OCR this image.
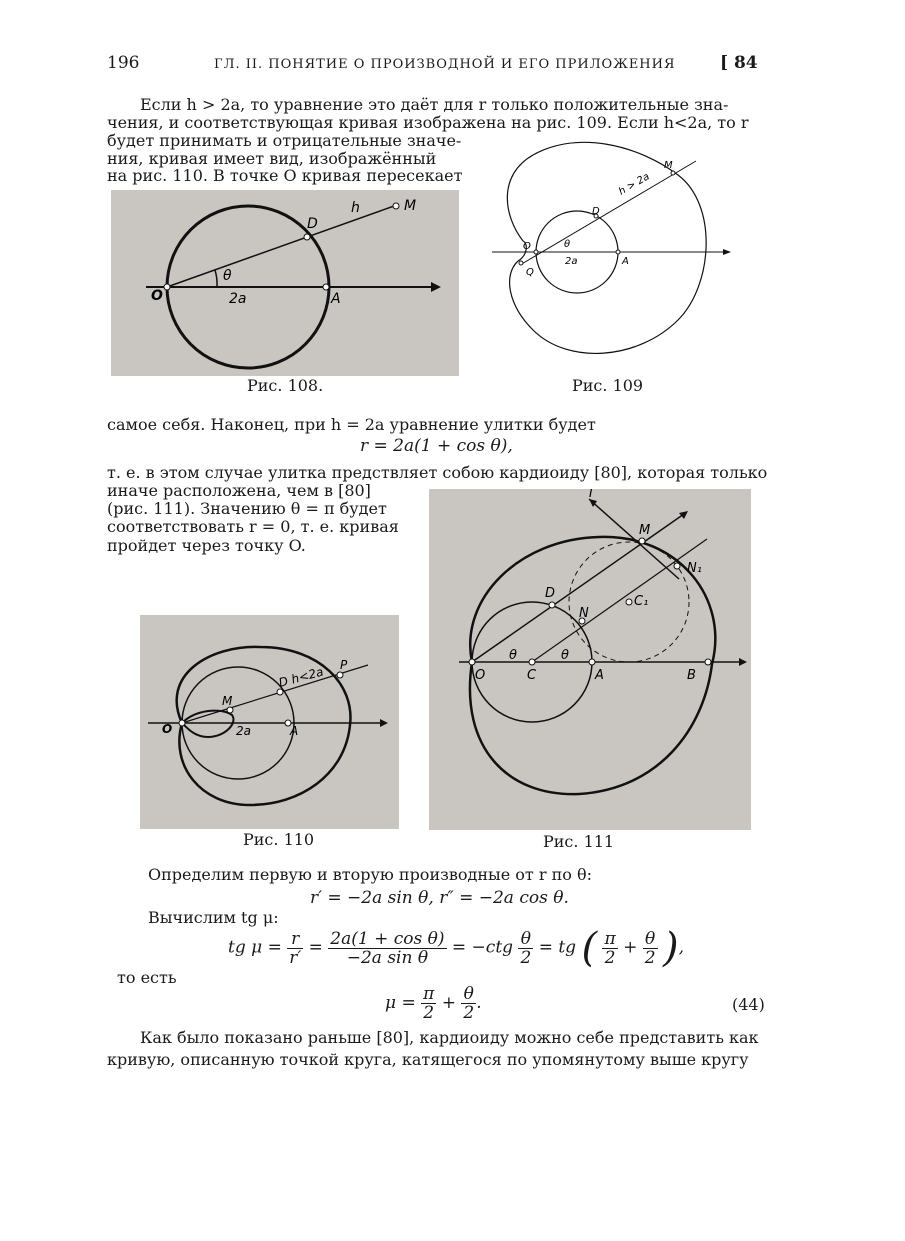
196	ГЛ. II. ПОНЯТИЕ О ПРОИЗВОДНОЙ И ЕГО ПРИЛОЖЕНИЯ	[ 84
Если h > 2a, то уравнение это даёт для r только положительные зна-
чения, и соответствующая кривая изображена на рис. 109. Если h<2a, то r
будет принимать и отрицательные значе-
ния, кривая имеет вид, изображённый
на рис. 110. В точке O кривая пересекает
D
h	M
O
θ
2a	A
Рис. 108.
M
h > 2a
D
O	θ
Q
2a	A
Рис. 109
самое себя. Наконец, при h = 2a уравнение улитки будет
r = 2a(1 + cos θ),
т. е. в этом случае улитка предствляет собою кардиоиду [80], которая только
иначе расположена, чем в [80]
(рис. 111). Значению θ = π будет
соответствовать r = 0, т. е. кривая
пройдет через точку O.
T
M
N₁
D
C₁
N
O
θ
C
θ
A	B
D h<2a P
M
O	2a	A
Рис. 110	Рис. 111
Определим первую и вторую производные от r по θ:
r′ = −2a sin θ, r″ = −2a cos θ.
Вычислим tg μ:
tg $\mu = \frac{r}{r'} = \frac{\text{2a(1 + cos θ)}}{\text{−2a sin θ}} = -ctg \frac{\theta}{2}$ = tg ( $\frac{\pi}{2} + \frac{\theta}{2}$ ),
то есть
$\mu = \frac{\pi}{2} + \frac{\theta}{2}$ .	(44)
Как было показано раньше [80], кардиоиду можно себе представить как
кривую, описанную точкой круга, катящегося по упомянутому выше кругу
